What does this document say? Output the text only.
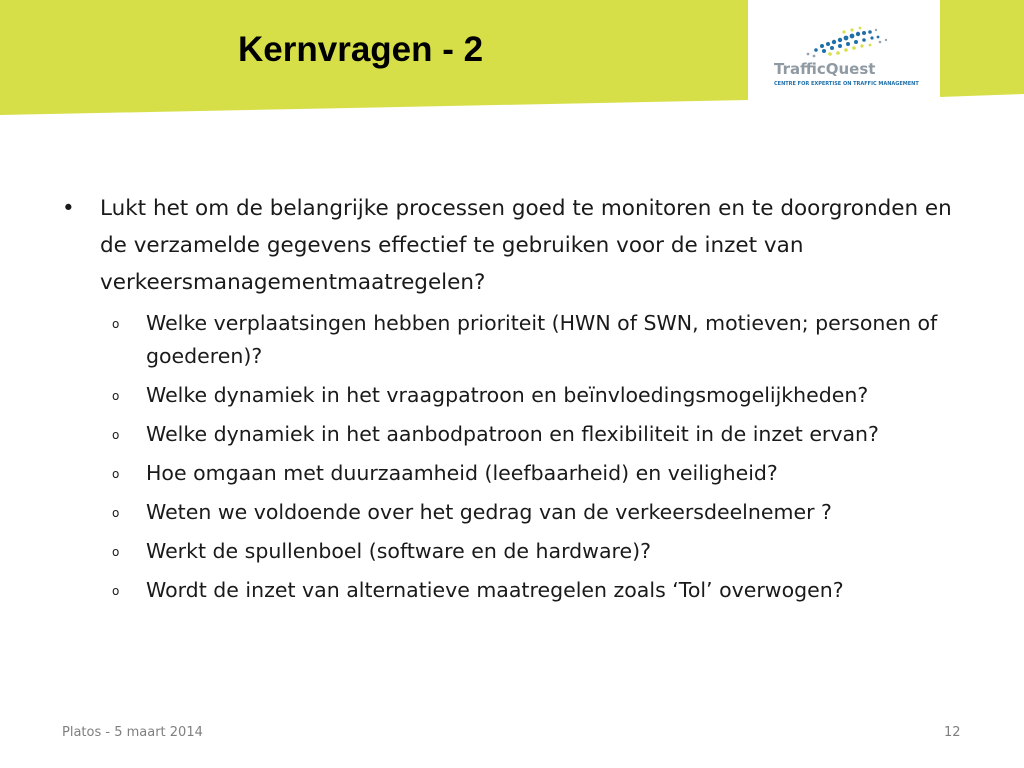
Kernvragen - 2	TrafficQuest
CENTRE FOR EXPERTISE ON TRAFFIC MANAGEMENT
• Lukt het om de belangrijke processen goed te monitoren en te doorgronden en de verzamelde gegevens effectief te gebruiken voor de inzet van verkeersmanagementmaatregelen?
o Welke verplaatsingen hebben prioriteit (HWN of SWN, motieven; personen of goederen)?
o Welke dynamiek in het vraagpatroon en beïnvloedingsmogelijkheden?
o Welke dynamiek in het aanbodpatroon en flexibiliteit in de inzet ervan?
o Hoe omgaan met duurzaamheid (leefbaarheid) en veiligheid?
o Weten we voldoende over het gedrag van de verkeersdeelnemer ?
o Werkt de spullenboel (software en de hardware)?
o Wordt de inzet van alternatieve maatregelen zoals ‘Tol’ overwogen?
Platos - 5 maart 2014	12
